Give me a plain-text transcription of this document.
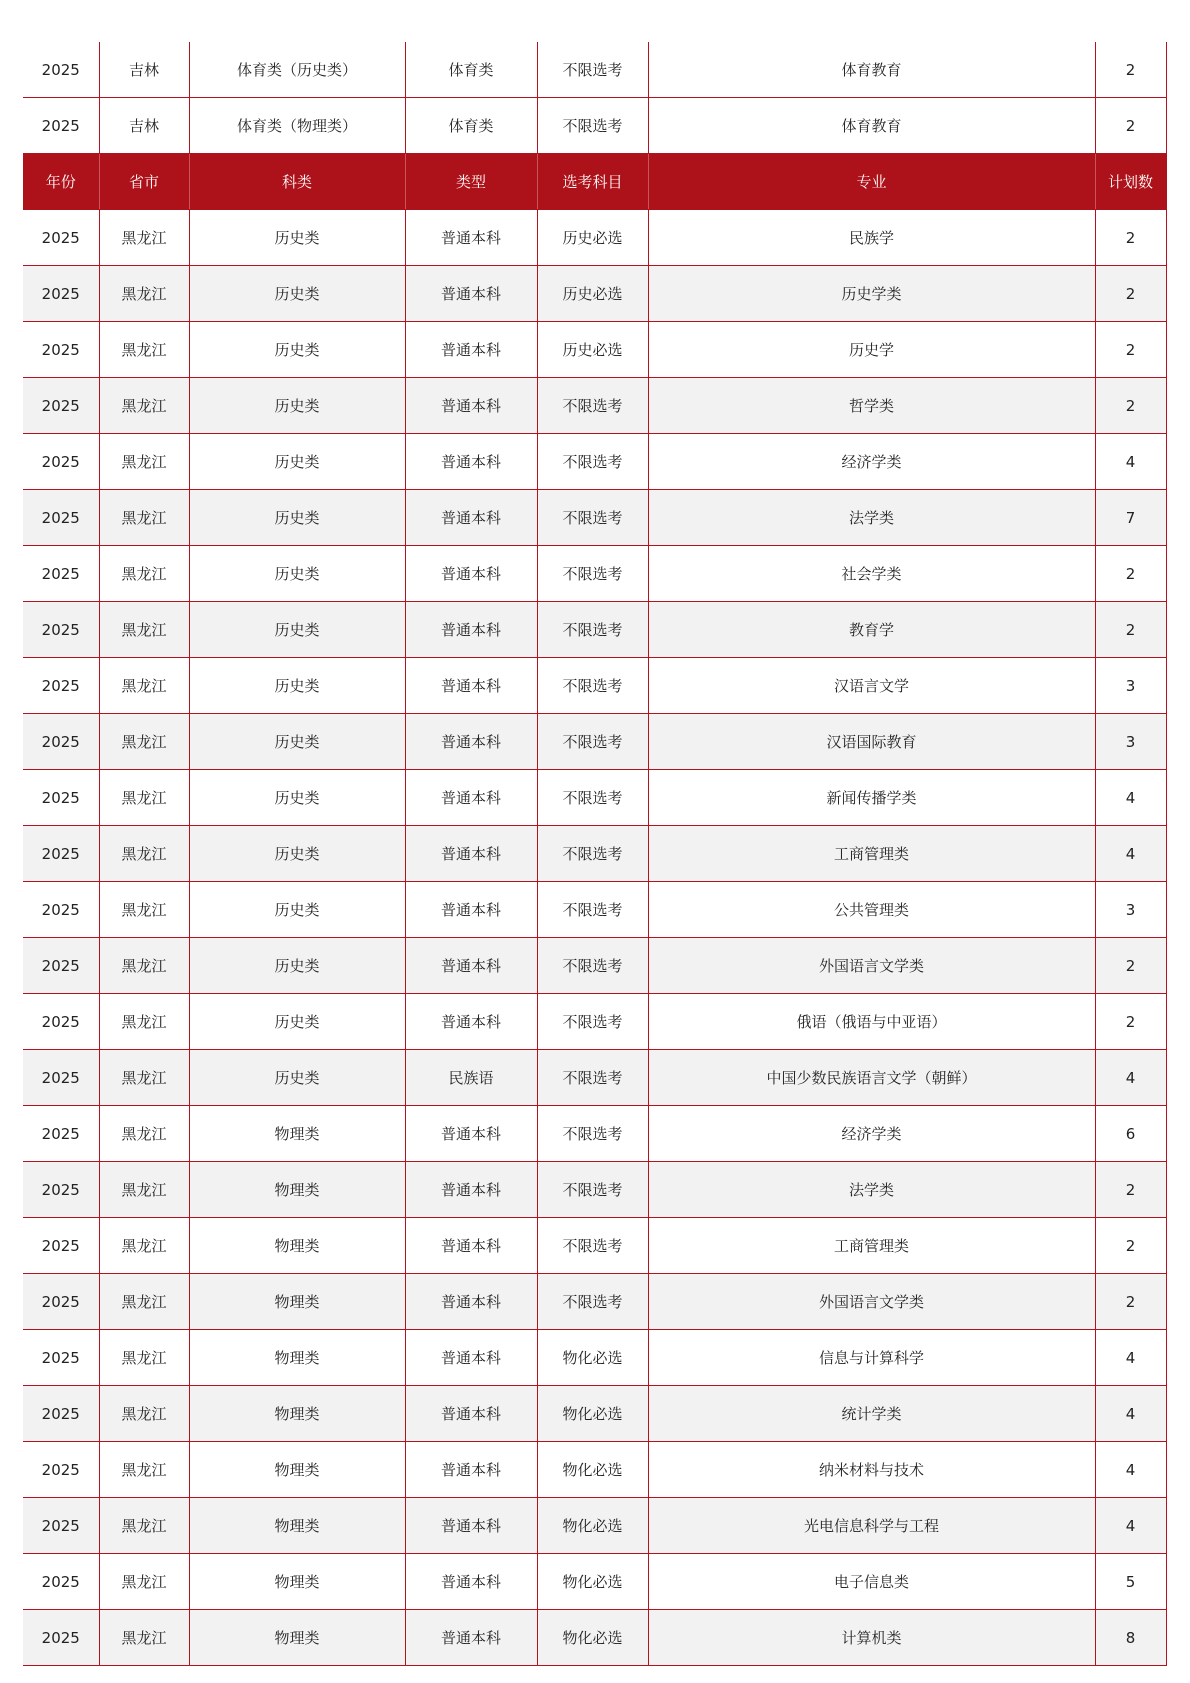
2025	吉林	体育类（历史类）	体育类	不限选考	体育教育	2
2025	吉林	体育类（物理类）	体育类	不限选考	体育教育	2
年份	省市	科类	类型	选考科目	专业	计划数
2025	黑龙江	历史类	普通本科	历史必选	民族学	2
2025	黑龙江	历史类	普通本科	历史必选	历史学类	2
2025	黑龙江	历史类	普通本科	历史必选	历史学	2
2025	黑龙江	历史类	普通本科	不限选考	哲学类	2
2025	黑龙江	历史类	普通本科	不限选考	经济学类	4
2025	黑龙江	历史类	普通本科	不限选考	法学类	7
2025	黑龙江	历史类	普通本科	不限选考	社会学类	2
2025	黑龙江	历史类	普通本科	不限选考	教育学	2
2025	黑龙江	历史类	普通本科	不限选考	汉语言文学	3
2025	黑龙江	历史类	普通本科	不限选考	汉语国际教育	3
2025	黑龙江	历史类	普通本科	不限选考	新闻传播学类	4
2025	黑龙江	历史类	普通本科	不限选考	工商管理类	4
2025	黑龙江	历史类	普通本科	不限选考	公共管理类	3
2025	黑龙江	历史类	普通本科	不限选考	外国语言文学类	2
2025	黑龙江	历史类	普通本科	不限选考	俄语（俄语与中亚语）	2
2025	黑龙江	历史类	民族语	不限选考	中国少数民族语言文学（朝鲜）	4
2025	黑龙江	物理类	普通本科	不限选考	经济学类	6
2025	黑龙江	物理类	普通本科	不限选考	法学类	2
2025	黑龙江	物理类	普通本科	不限选考	工商管理类	2
2025	黑龙江	物理类	普通本科	不限选考	外国语言文学类	2
2025	黑龙江	物理类	普通本科	物化必选	信息与计算科学	4
2025	黑龙江	物理类	普通本科	物化必选	统计学类	4
2025	黑龙江	物理类	普通本科	物化必选	纳米材料与技术	4
2025	黑龙江	物理类	普通本科	物化必选	光电信息科学与工程	4
2025	黑龙江	物理类	普通本科	物化必选	电子信息类	5
2025	黑龙江	物理类	普通本科	物化必选	计算机类	8
